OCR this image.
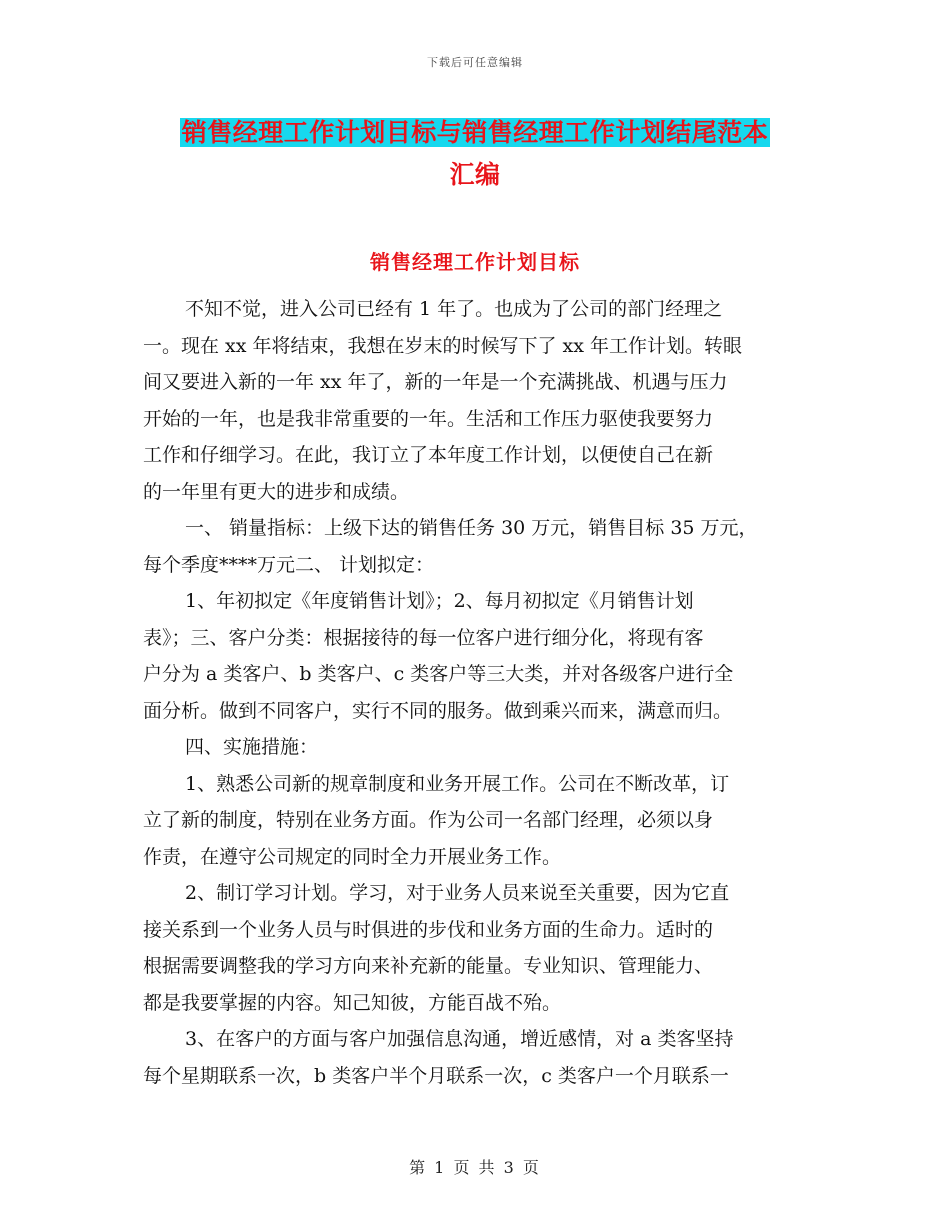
下载后可任意编辑
销售经理工作计划目标与销售经理工作计划结尾范本
汇编
销售经理工作计划目标
不知不觉，进入公司已经有 1 年了。也成为了公司的部门经理之
一。现在 xx 年将结束，我想在岁末的时候写下了 xx 年工作计划。转眼
间又要进入新的一年 xx 年了，新的一年是一个充满挑战、机遇与压力
开始的一年，也是我非常重要的一年。生活和工作压力驱使我要努力
工作和仔细学习。在此，我订立了本年度工作计划，以便使自己在新
的一年里有更大的进步和成绩。
一、 销量指标：上级下达的销售任务 30 万元，销售目标 35 万元，
每个季度****万元二、 计划拟定：
1、年初拟定《年度销售计划》；2、每月初拟定《月销售计划
表》；三、客户分类：根据接待的每一位客户进行细分化，将现有客
户分为 a 类客户、b 类客户、c 类客户等三大类，并对各级客户进行全
面分析。做到不同客户，实行不同的服务。做到乘兴而来，满意而归。
四、实施措施：
1、熟悉公司新的规章制度和业务开展工作。公司在不断改革，订
立了新的制度，特别在业务方面。作为公司一名部门经理，必须以身
作责，在遵守公司规定的同时全力开展业务工作。
2、制订学习计划。学习，对于业务人员来说至关重要，因为它直
接关系到一个业务人员与时俱进的步伐和业务方面的生命力。适时的
根据需要调整我的学习方向来补充新的能量。专业知识、管理能力、
都是我要掌握的内容。知己知彼，方能百战不殆。
3、在客户的方面与客户加强信息沟通，增近感情，对 a 类客坚持
每个星期联系一次，b 类客户半个月联系一次，c 类客户一个月联系一
第 1 页 共 3 页
